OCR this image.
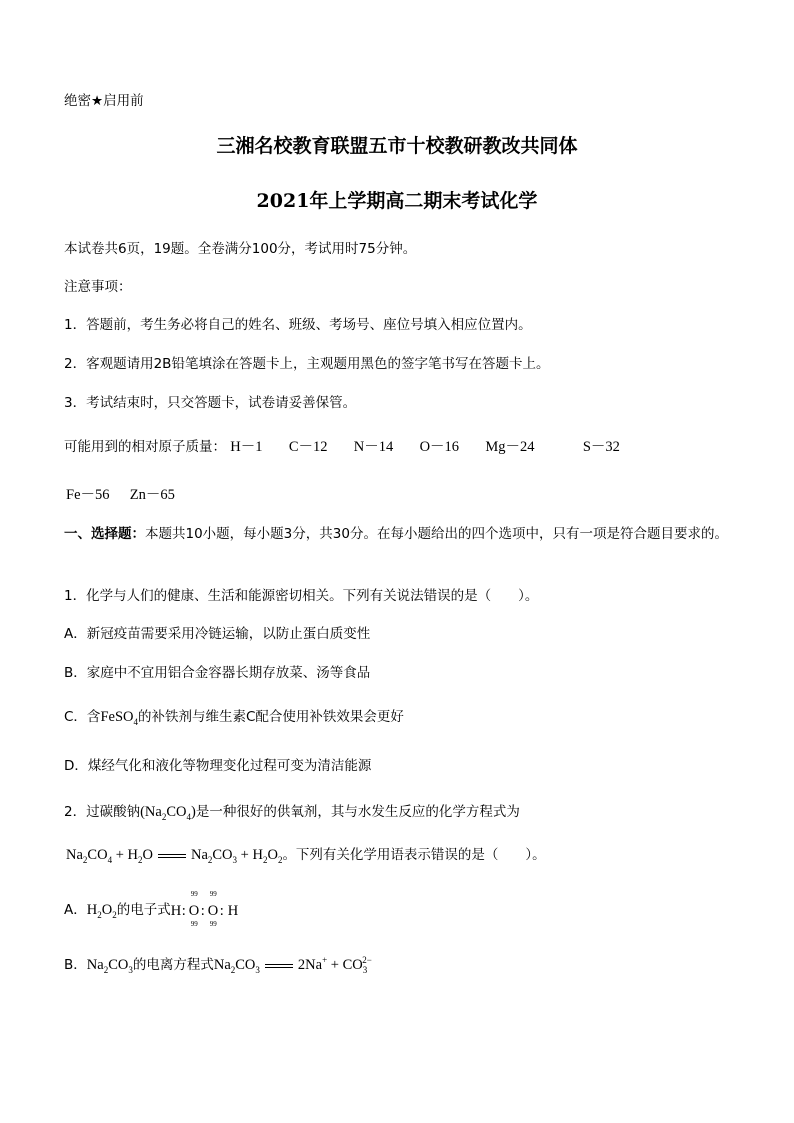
绝密★启用前
三湘名校教育联盟五市十校教研教改共同体
2021年上学期高二期末考试化学
本试卷共6页，19题。全卷满分100分，考试用时75分钟。
注意事项：
1．答题前，考生务必将自己的姓名、班级、考场号、座位号填入相应位置内。
2．客观题请用2B铅笔填涂在答题卡上，主观题用黑色的签字笔书写在答题卡上。
3．考试结束时，只交答题卡，试卷请妥善保管。
可能用到的相对原子质量： H－1 C－12 N－14 O－16 Mg－24	S－32
Fe－56 Zn－65
一、选择题：本题共10小题，每小题3分，共30分。在每小题给出的四个选项中，只有一项是符合题目要求的。
1．化学与人们的健康、生活和能源密切相关。下列有关说法错误的是（　　）。
A．新冠疫苗需要采用冷链运输，以防止蛋白质变性
B．家庭中不宜用铝合金容器长期存放菜、汤等食品
C．含FeSO$_4$的补铁剂与维生素C配合使用补铁效果会更好
D．煤经气化和液化等物理变化过程可变为清洁能源
2．过碳酸钠$(Na_2CO_4)$是一种很好的供氧剂，其与水发生反应的化学方程式为
$Na_2CO_4 + H_2O$	$Na_2CO_3 + H_2O_2$。下列有关化学用语表示错误的是（　　）。
A．$H_2O_2$的电子式 H : O : O : H
99 99
99 99
B．$Na_2CO_3$的电离方程式$Na_2CO_3$	$2Na^+ + CO_3^{2-}$
